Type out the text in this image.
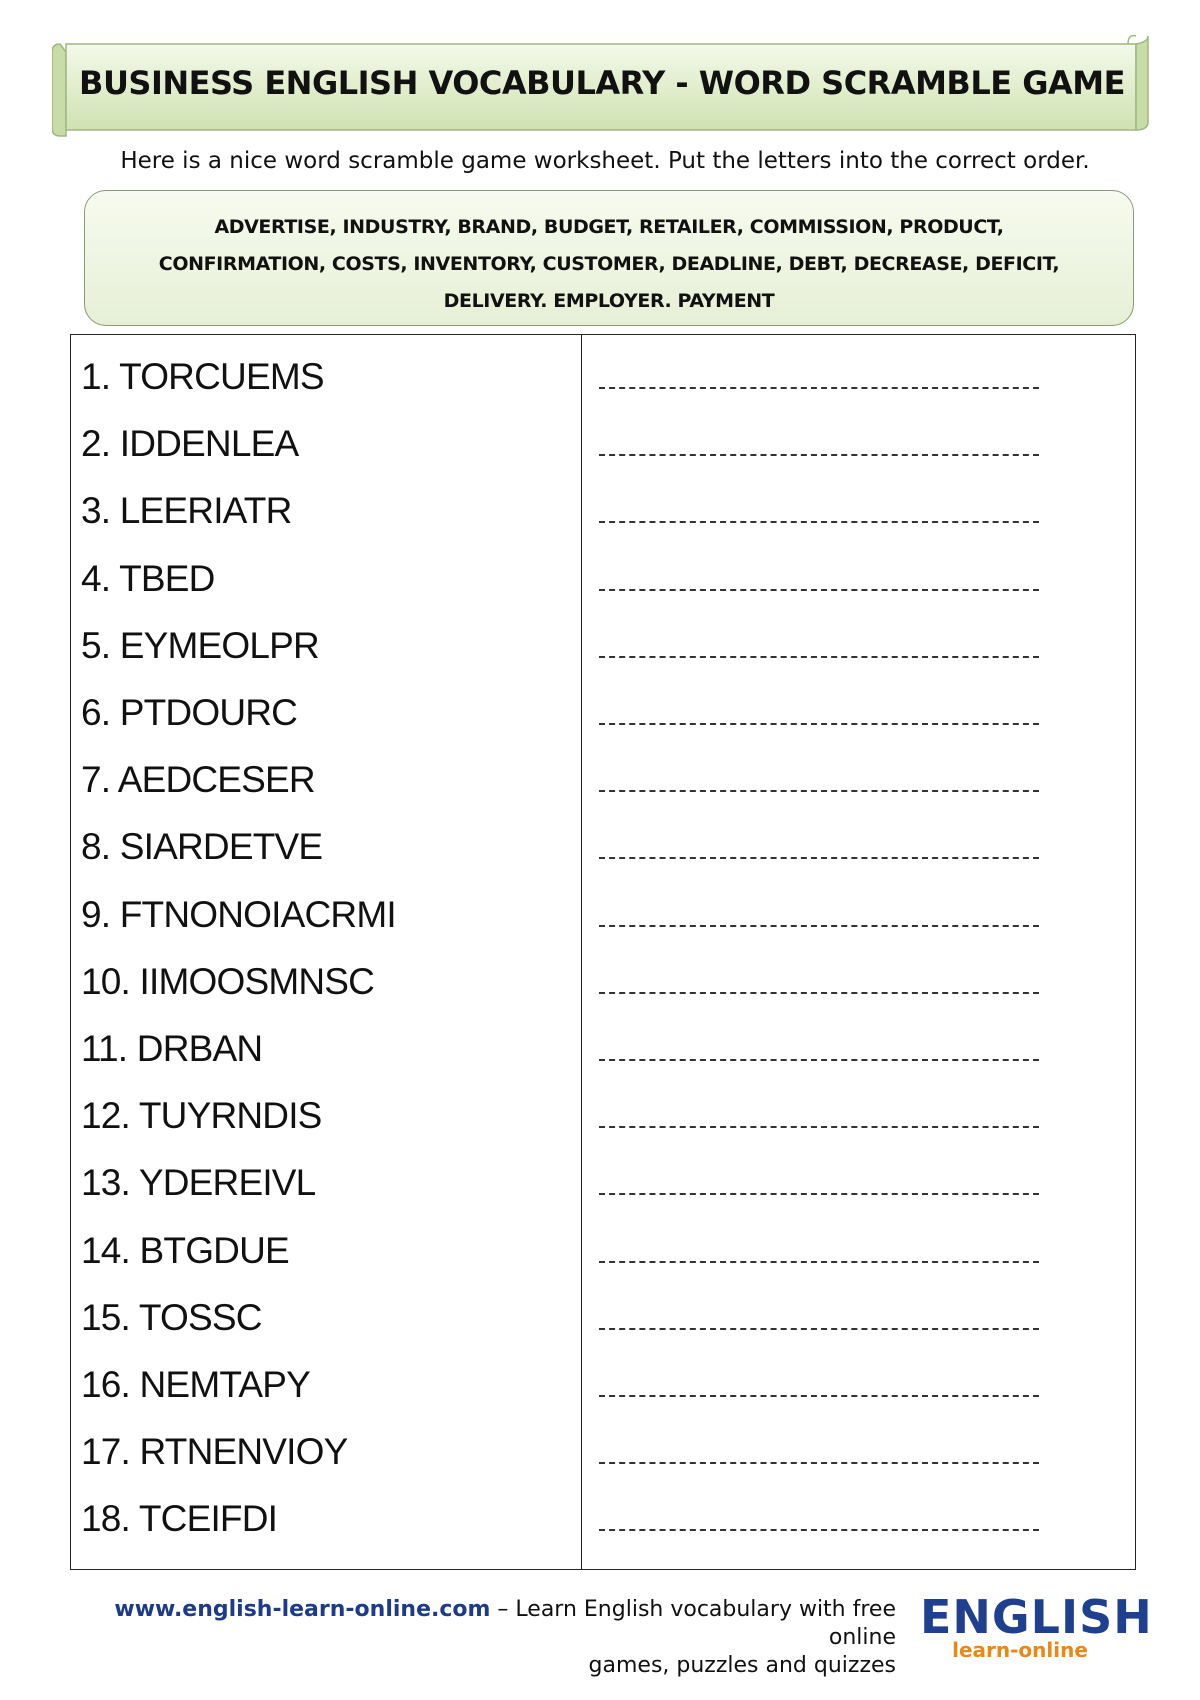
BUSINESS ENGLISH VOCABULARY - WORD SCRAMBLE GAME
Here is a nice word scramble game worksheet. Put the letters into the correct order.

ADVERTISE, INDUSTRY, BRAND, BUDGET, RETAILER, COMMISSION, PRODUCT,

CONFIRMATION, COSTS, INVENTORY, CUSTOMER, DEADLINE, DEBT, DECREASE, DEFICIT,

DELIVERY. EMPLOYER. PAYMENT

1. TORCUEMS
2. IDDENLEA
3. LEERIATR
4. TBED
5. EYMEOLPR
6. PTDOURC
7. AEDCESER
8. SIARDETVE
9. FTNONOIACRMI
10. IIMOOSMNSC
11. DRBAN
12. TUYRNDIS
13. YDEREIVL
14. BTGDUE
15. TOSSC
16. NEMTAPY
17. RTNENVIOY
18. TCEIFDI
www.english-learn-online.com – Learn English vocabulary with free online
games, puzzles and quizzes
ENGLISH
learn-online
